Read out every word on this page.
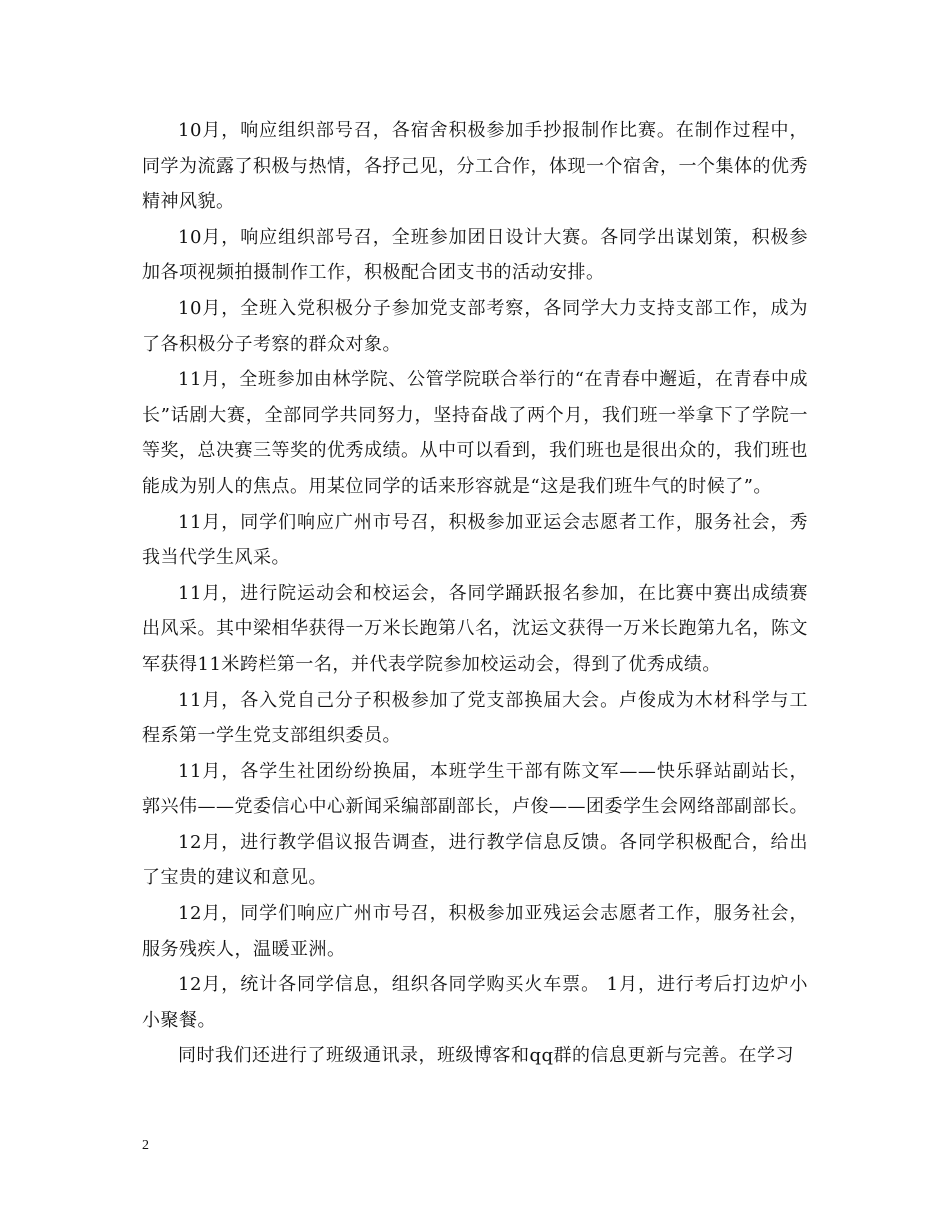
10月，响应组织部号召，各宿舍积极参加手抄报制作比赛。在制作过程中，同学为流露了积极与热情，各抒己见，分工合作，体现一个宿舍，一个集体的优秀精神风貌。

10月，响应组织部号召，全班参加团日设计大赛。各同学出谋划策，积极参加各项视频拍摄制作工作，积极配合团支书的活动安排。

10月，全班入党积极分子参加党支部考察，各同学大力支持支部工作，成为了各积极分子考察的群众对象。

11月，全班参加由林学院、公管学院联合举行的“在青春中邂逅，在青春中成长”话剧大赛，全部同学共同努力，坚持奋战了两个月，我们班一举拿下了学院一等奖，总决赛三等奖的优秀成绩。从中可以看到，我们班也是很出众的，我们班也能成为别人的焦点。用某位同学的话来形容就是“这是我们班牛气的时候了”。

11月，同学们响应广州市号召，积极参加亚运会志愿者工作，服务社会，秀我当代学生风采。

11月，进行院运动会和校运会，各同学踊跃报名参加，在比赛中赛出成绩赛出风采。其中梁相华获得一万米长跑第八名，沈运文获得一万米长跑第九名，陈文军获得11米跨栏第一名，并代表学院参加校运动会，得到了优秀成绩。

11月，各入党自己分子积极参加了党支部换届大会。卢俊成为木材科学与工程系第一学生党支部组织委员。

11月，各学生社团纷纷换届，本班学生干部有陈文军——快乐驿站副站长，郭兴伟——党委信心中心新闻采编部副部长，卢俊——团委学生会网络部副部长。

12月，进行教学倡议报告调查，进行教学信息反馈。各同学积极配合，给出了宝贵的建议和意见。

12月，同学们响应广州市号召，积极参加亚残运会志愿者工作，服务社会，服务残疾人，温暖亚洲。

12月，统计各同学信息，组织各同学购买火车票。 1月，进行考后打边炉小小聚餐。

同时我们还进行了班级通讯录，班级博客和qq群的信息更新与完善。在学习

2
